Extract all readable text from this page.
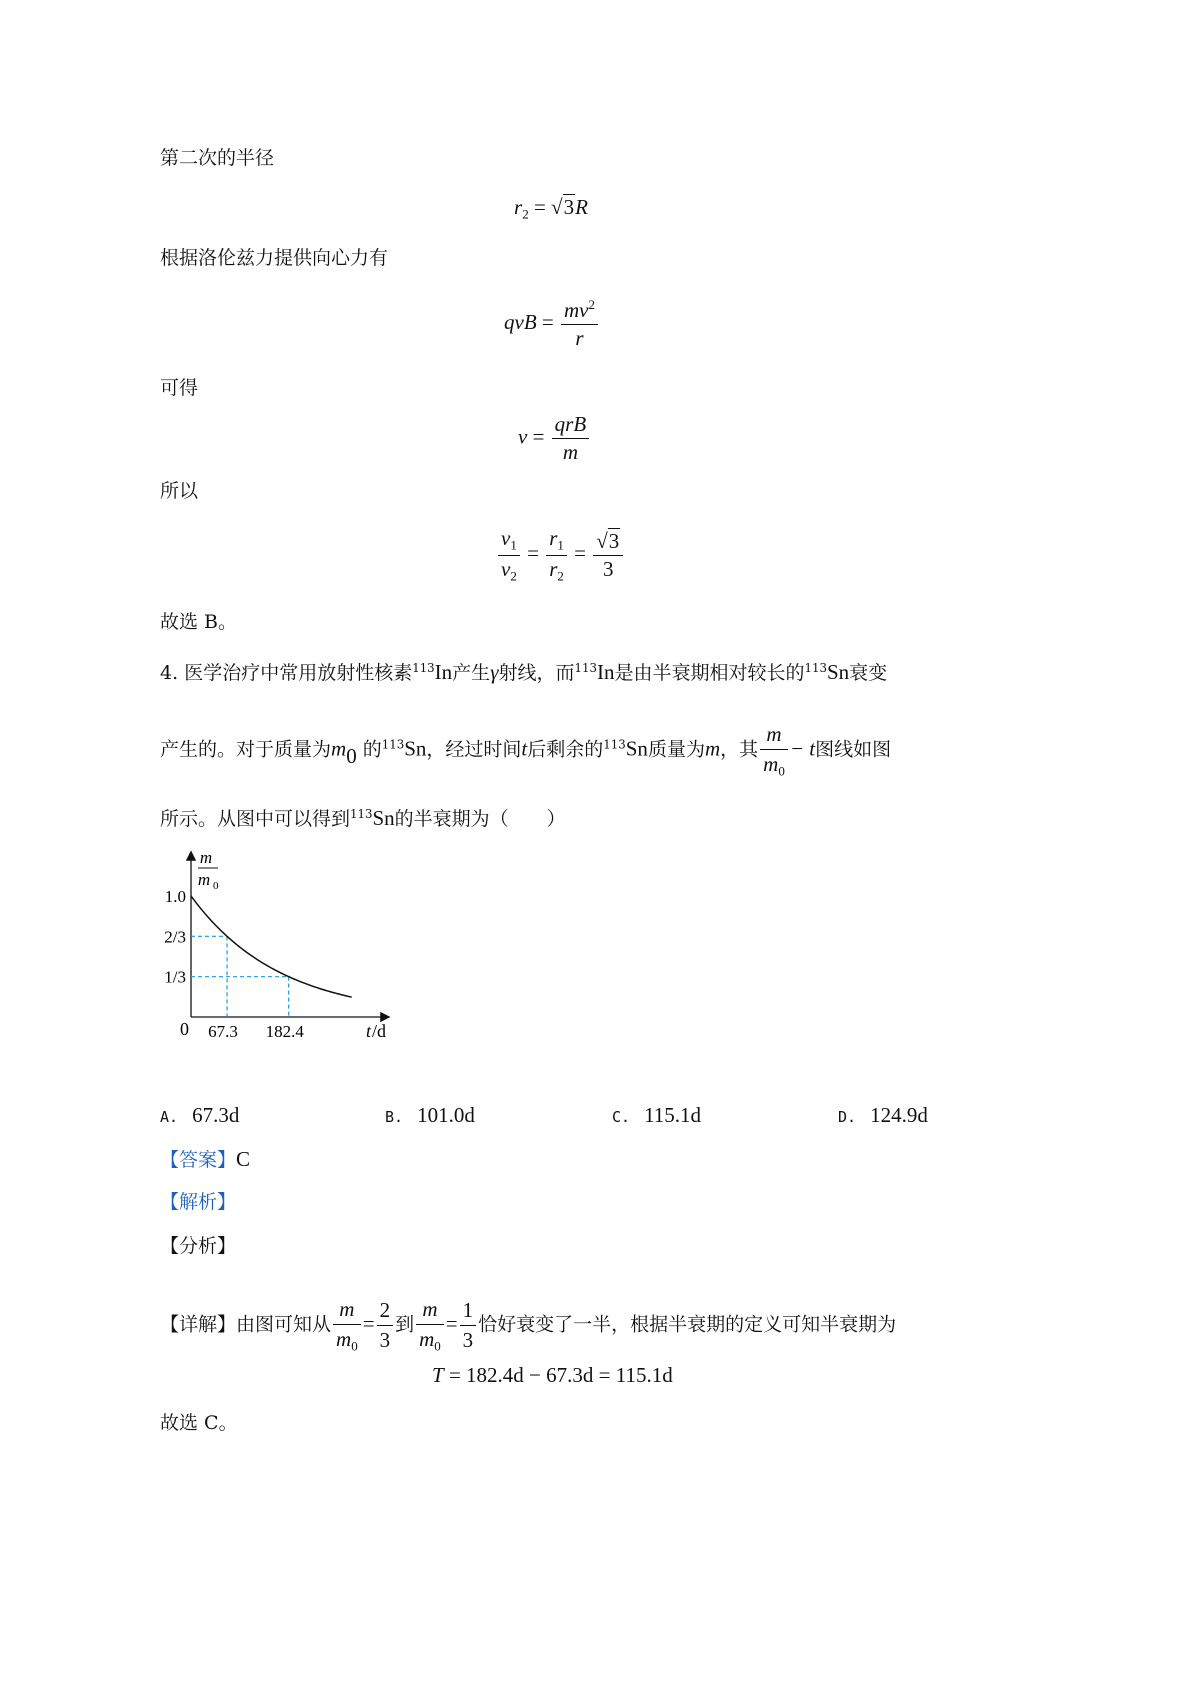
第二次的半径
$r_2 = √3R$
根据洛伦兹力提供向心力有
qvB = $\frac{mv^2}{r}$
可得
$v = \frac{\text{qrB}}{m}$
所以
$\frac{v_1}{v_2} = \frac{r_1}{r_2} = \frac{√3}{3}$
故选 B。
4. 医学治疗中常用放射性核素$^{113}$In产生γ射线，而$^{113}$In是由半衰期相对较长的$^{113}$Sn衰变
产生的。对于质量为m0 的$^{113}$Sn，经过时间t后剩余的$^{113}$Sn质量为m，其 $\frac{m}{m_0} - t$图线如图
所示。从图中可以得到$^{113}$Sn的半衰期为（　　）
m
m 0
t /d
0
1.0
2/3
1/3
67.3 182.4
A. 67.3d	B. 101.0d	C. 115.1d	D. 124.9d
【答案】C
【解析】
【分析】
【详解】由图可知从 $\frac{m}{m_0} = \frac{2}{3}$ 到 $\frac{m}{m_0} = \frac{1}{3}$ 恰好衰变了一半，根据半衰期的定义可知半衰期为
T = 182.4d − 67.3d = 115.1d
故选 C。
